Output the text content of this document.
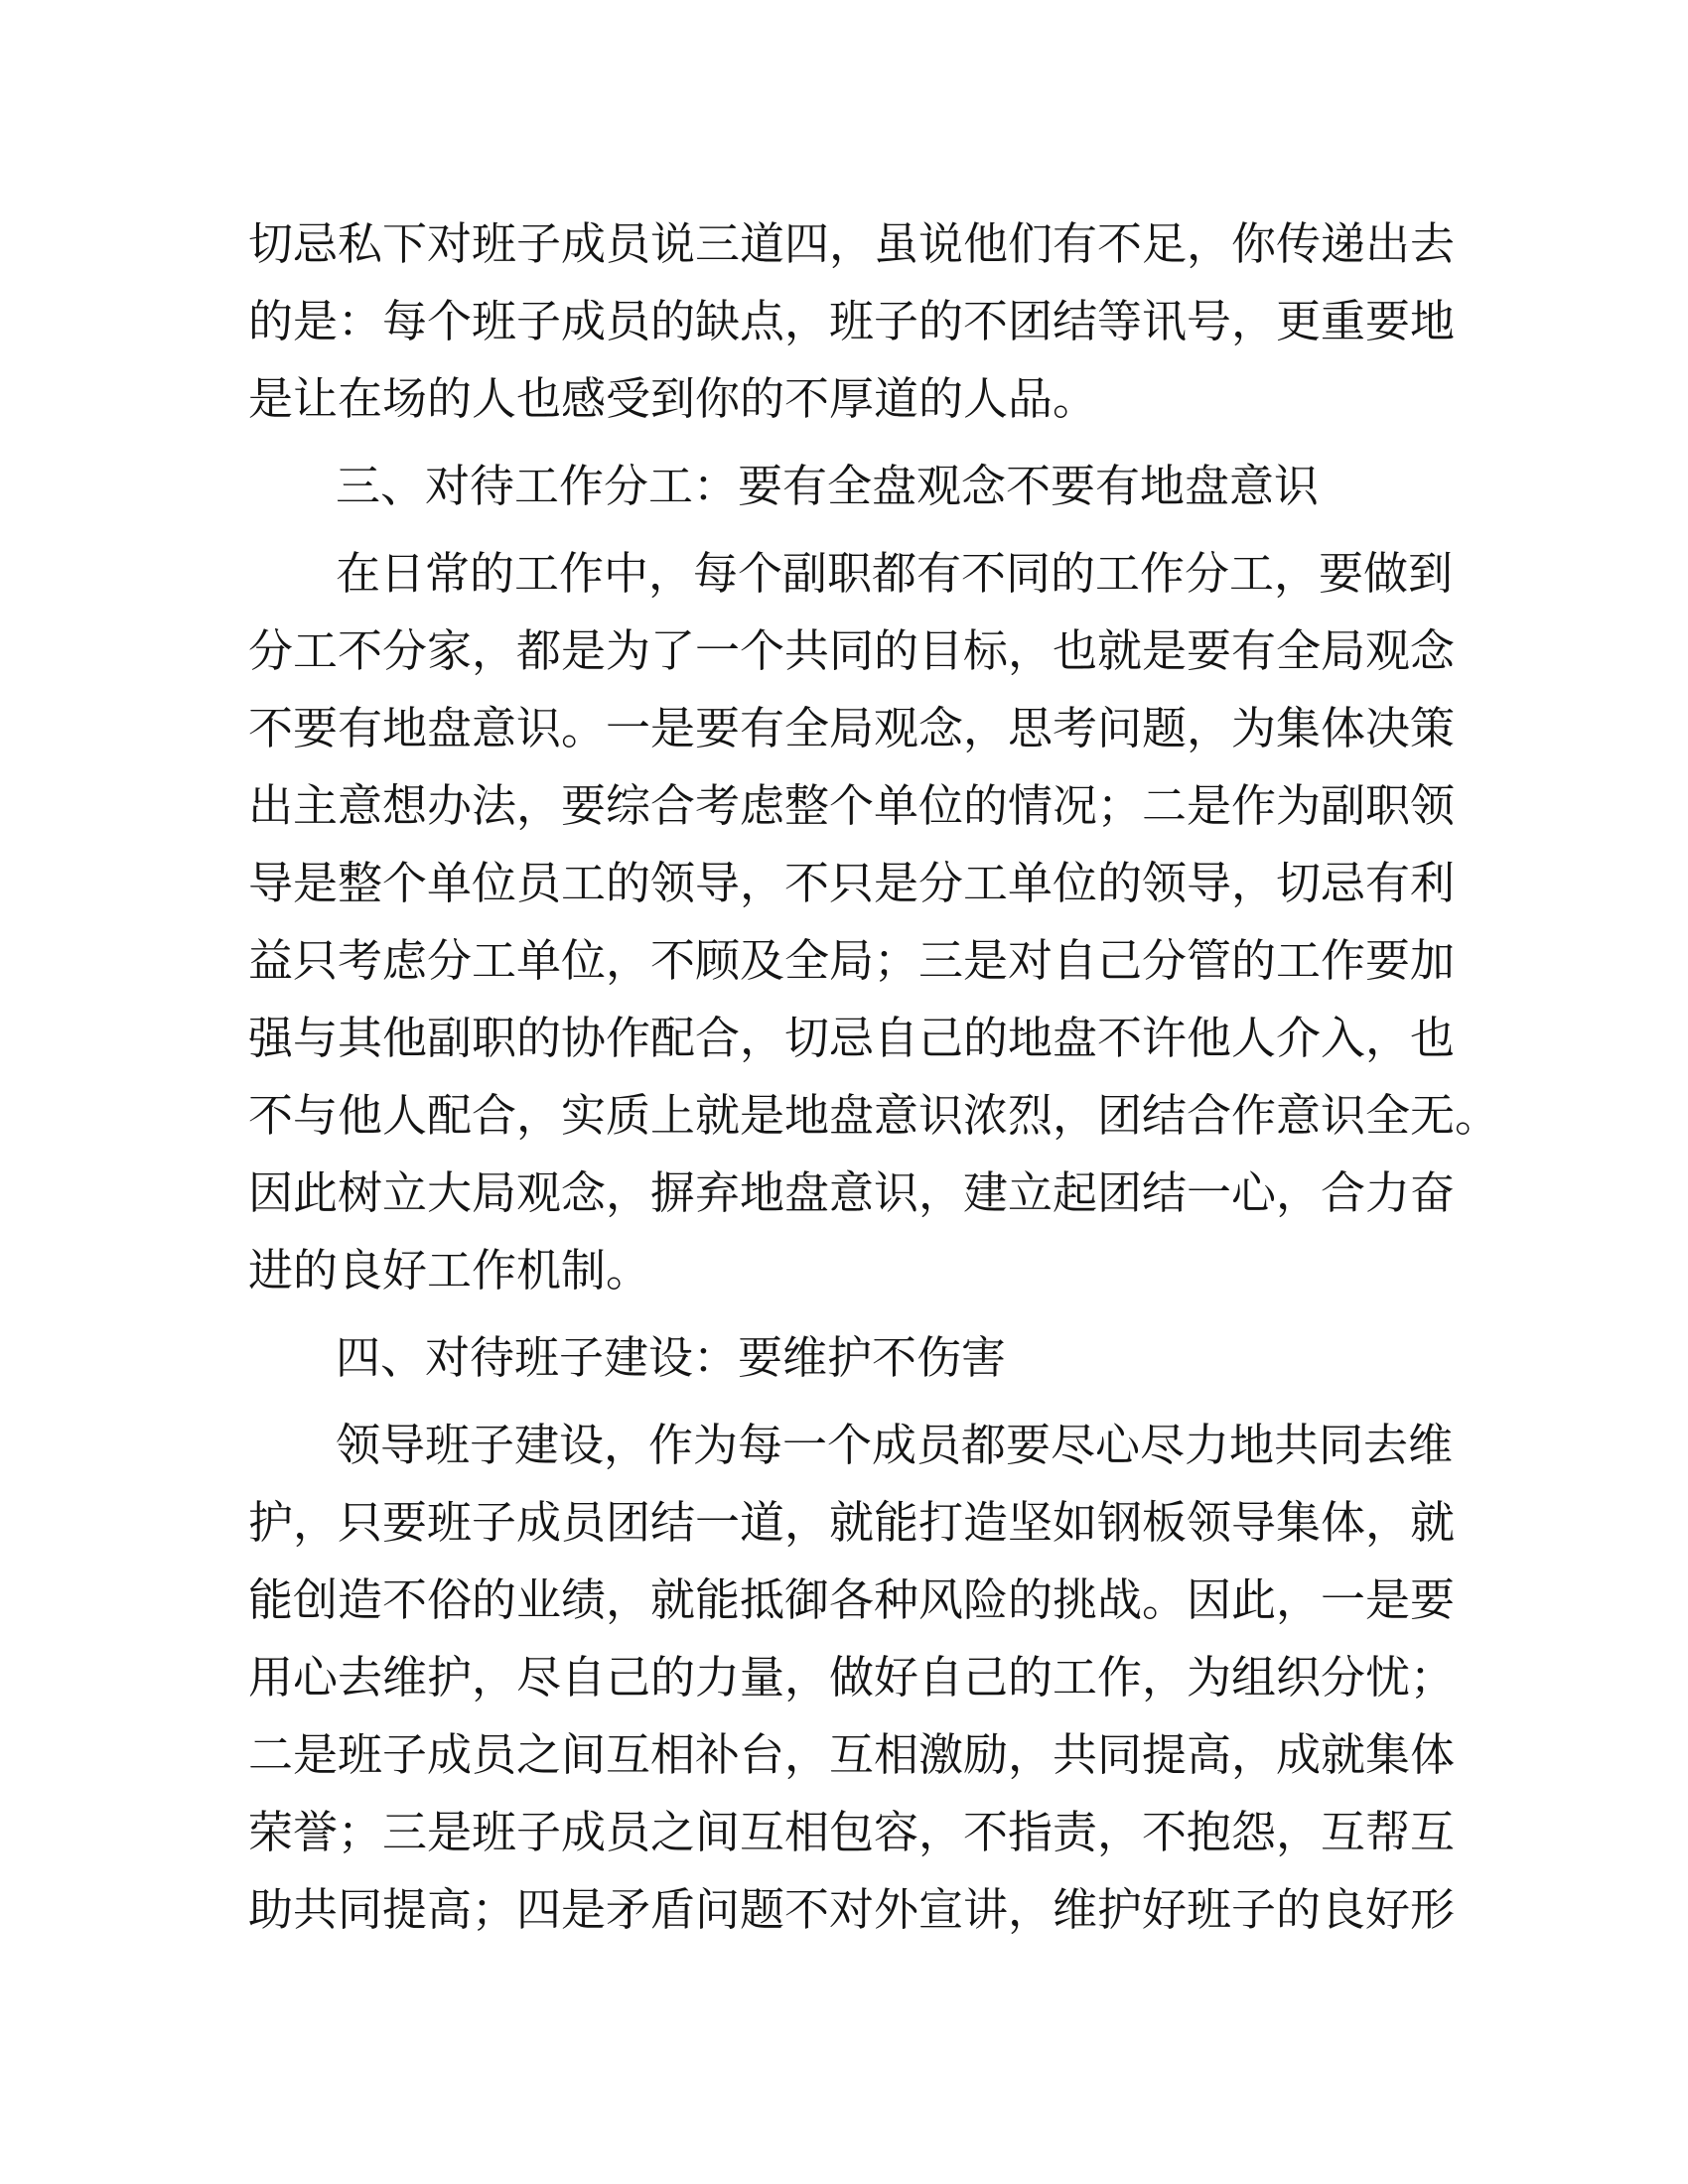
切忌私下对班子成员说三道四，虽说他们有不足，你传递出去
的是：每个班子成员的缺点，班子的不团结等讯号，更重要地
是让在场的人也感受到你的不厚道的人品。
三、对待工作分工：要有全盘观念不要有地盘意识
在日常的工作中，每个副职都有不同的工作分工，要做到
分工不分家，都是为了一个共同的目标，也就是要有全局观念
不要有地盘意识。一是要有全局观念，思考问题，为集体决策
出主意想办法，要综合考虑整个单位的情况；二是作为副职领
导是整个单位员工的领导，不只是分工单位的领导，切忌有利
益只考虑分工单位，不顾及全局；三是对自己分管的工作要加
强与其他副职的协作配合，切忌自己的地盘不许他人介入，也
不与他人配合，实质上就是地盘意识浓烈，团结合作意识全无。
因此树立大局观念，摒弃地盘意识，建立起团结一心，合力奋
进的良好工作机制。
四、对待班子建设：要维护不伤害
领导班子建设，作为每一个成员都要尽心尽力地共同去维
护，只要班子成员团结一道，就能打造坚如钢板领导集体，就
能创造不俗的业绩，就能抵御各种风险的挑战。因此，一是要
用心去维护，尽自己的力量，做好自己的工作，为组织分忧；
二是班子成员之间互相补台，互相激励，共同提高，成就集体
荣誉；三是班子成员之间互相包容，不指责，不抱怨，互帮互
助共同提高；四是矛盾问题不对外宣讲，维护好班子的良好形
